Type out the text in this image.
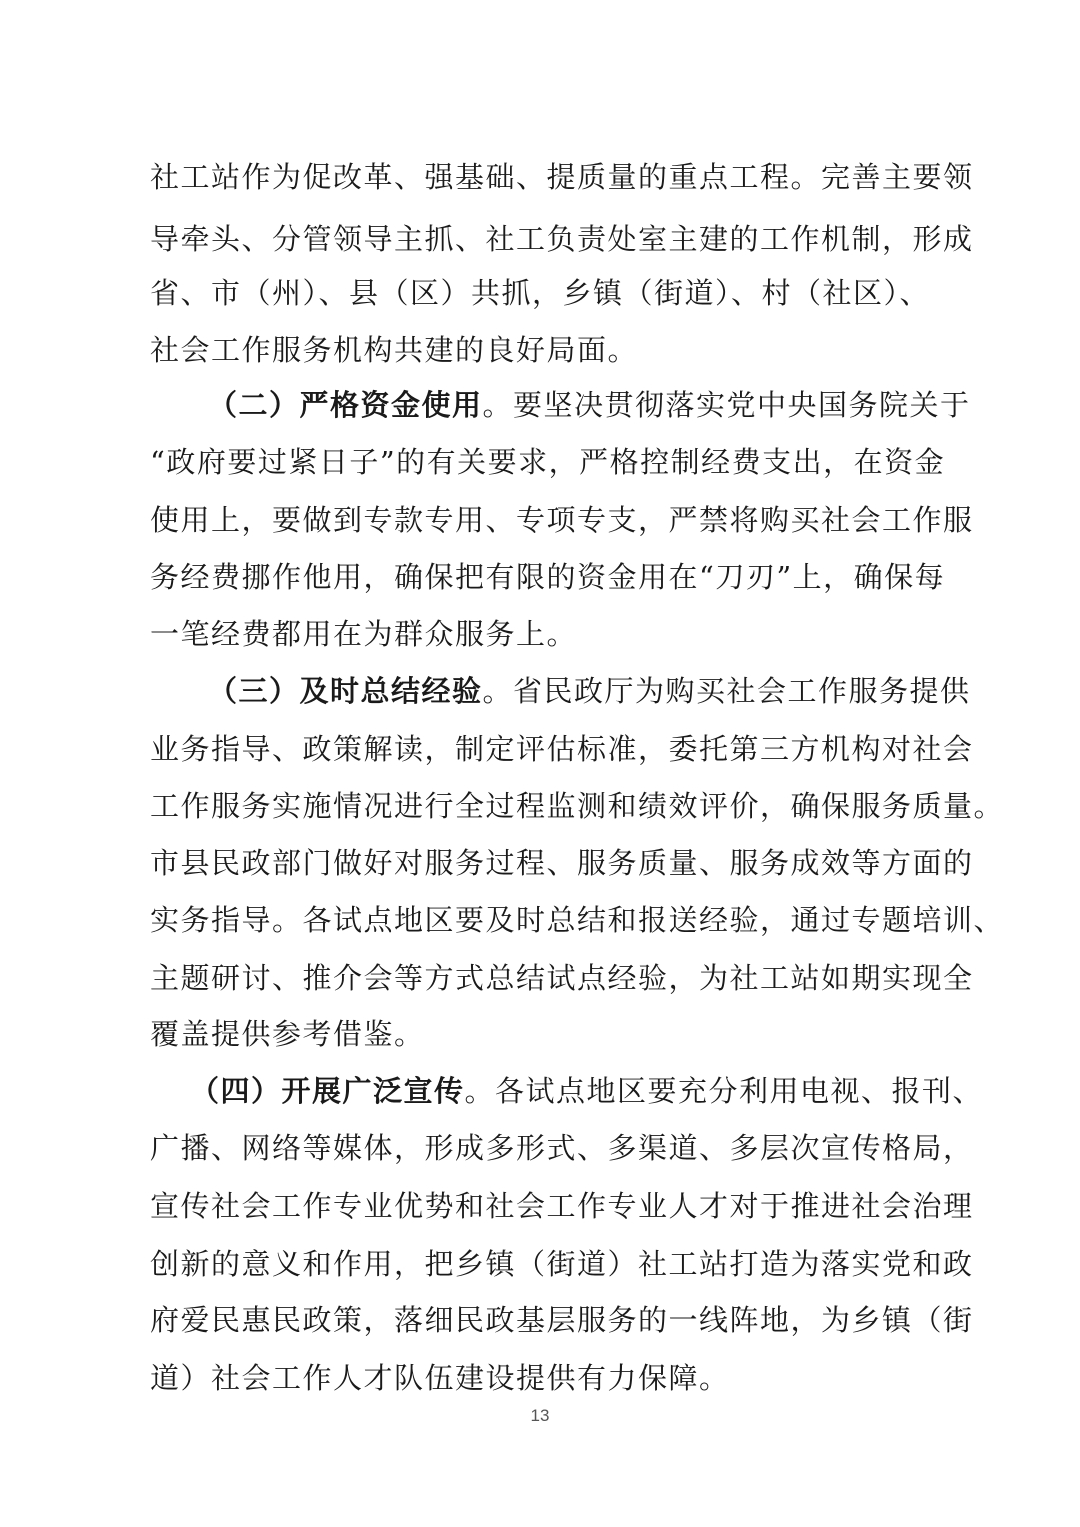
社工站作为促改革、强基础、提质量的重点工程。完善主要领
导牵头、分管领导主抓、社工负责处室主建的工作机制，形成
省、市（州）、县（区）共抓，乡镇（街道）、村（社区）、
社会工作服务机构共建的良好局面。
（二）严格资金使用。要坚决贯彻落实党中央国务院关于
“政府要过紧日子”的有关要求，严格控制经费支出，在资金
使用上，要做到专款专用、专项专支，严禁将购买社会工作服
务经费挪作他用，确保把有限的资金用在“刀刃”上，确保每
一笔经费都用在为群众服务上。
（三）及时总结经验。省民政厅为购买社会工作服务提供
业务指导、政策解读，制定评估标准，委托第三方机构对社会
工作服务实施情况进行全过程监测和绩效评价，确保服务质量。
市县民政部门做好对服务过程、服务质量、服务成效等方面的
实务指导。各试点地区要及时总结和报送经验，通过专题培训、
主题研讨、推介会等方式总结试点经验，为社工站如期实现全
覆盖提供参考借鉴。
（四）开展广泛宣传。各试点地区要充分利用电视、报刊、
广播、网络等媒体，形成多形式、多渠道、多层次宣传格局，
宣传社会工作专业优势和社会工作专业人才对于推进社会治理
创新的意义和作用，把乡镇（街道）社工站打造为落实党和政
府爱民惠民政策，落细民政基层服务的一线阵地，为乡镇（街
道）社会工作人才队伍建设提供有力保障。
13
